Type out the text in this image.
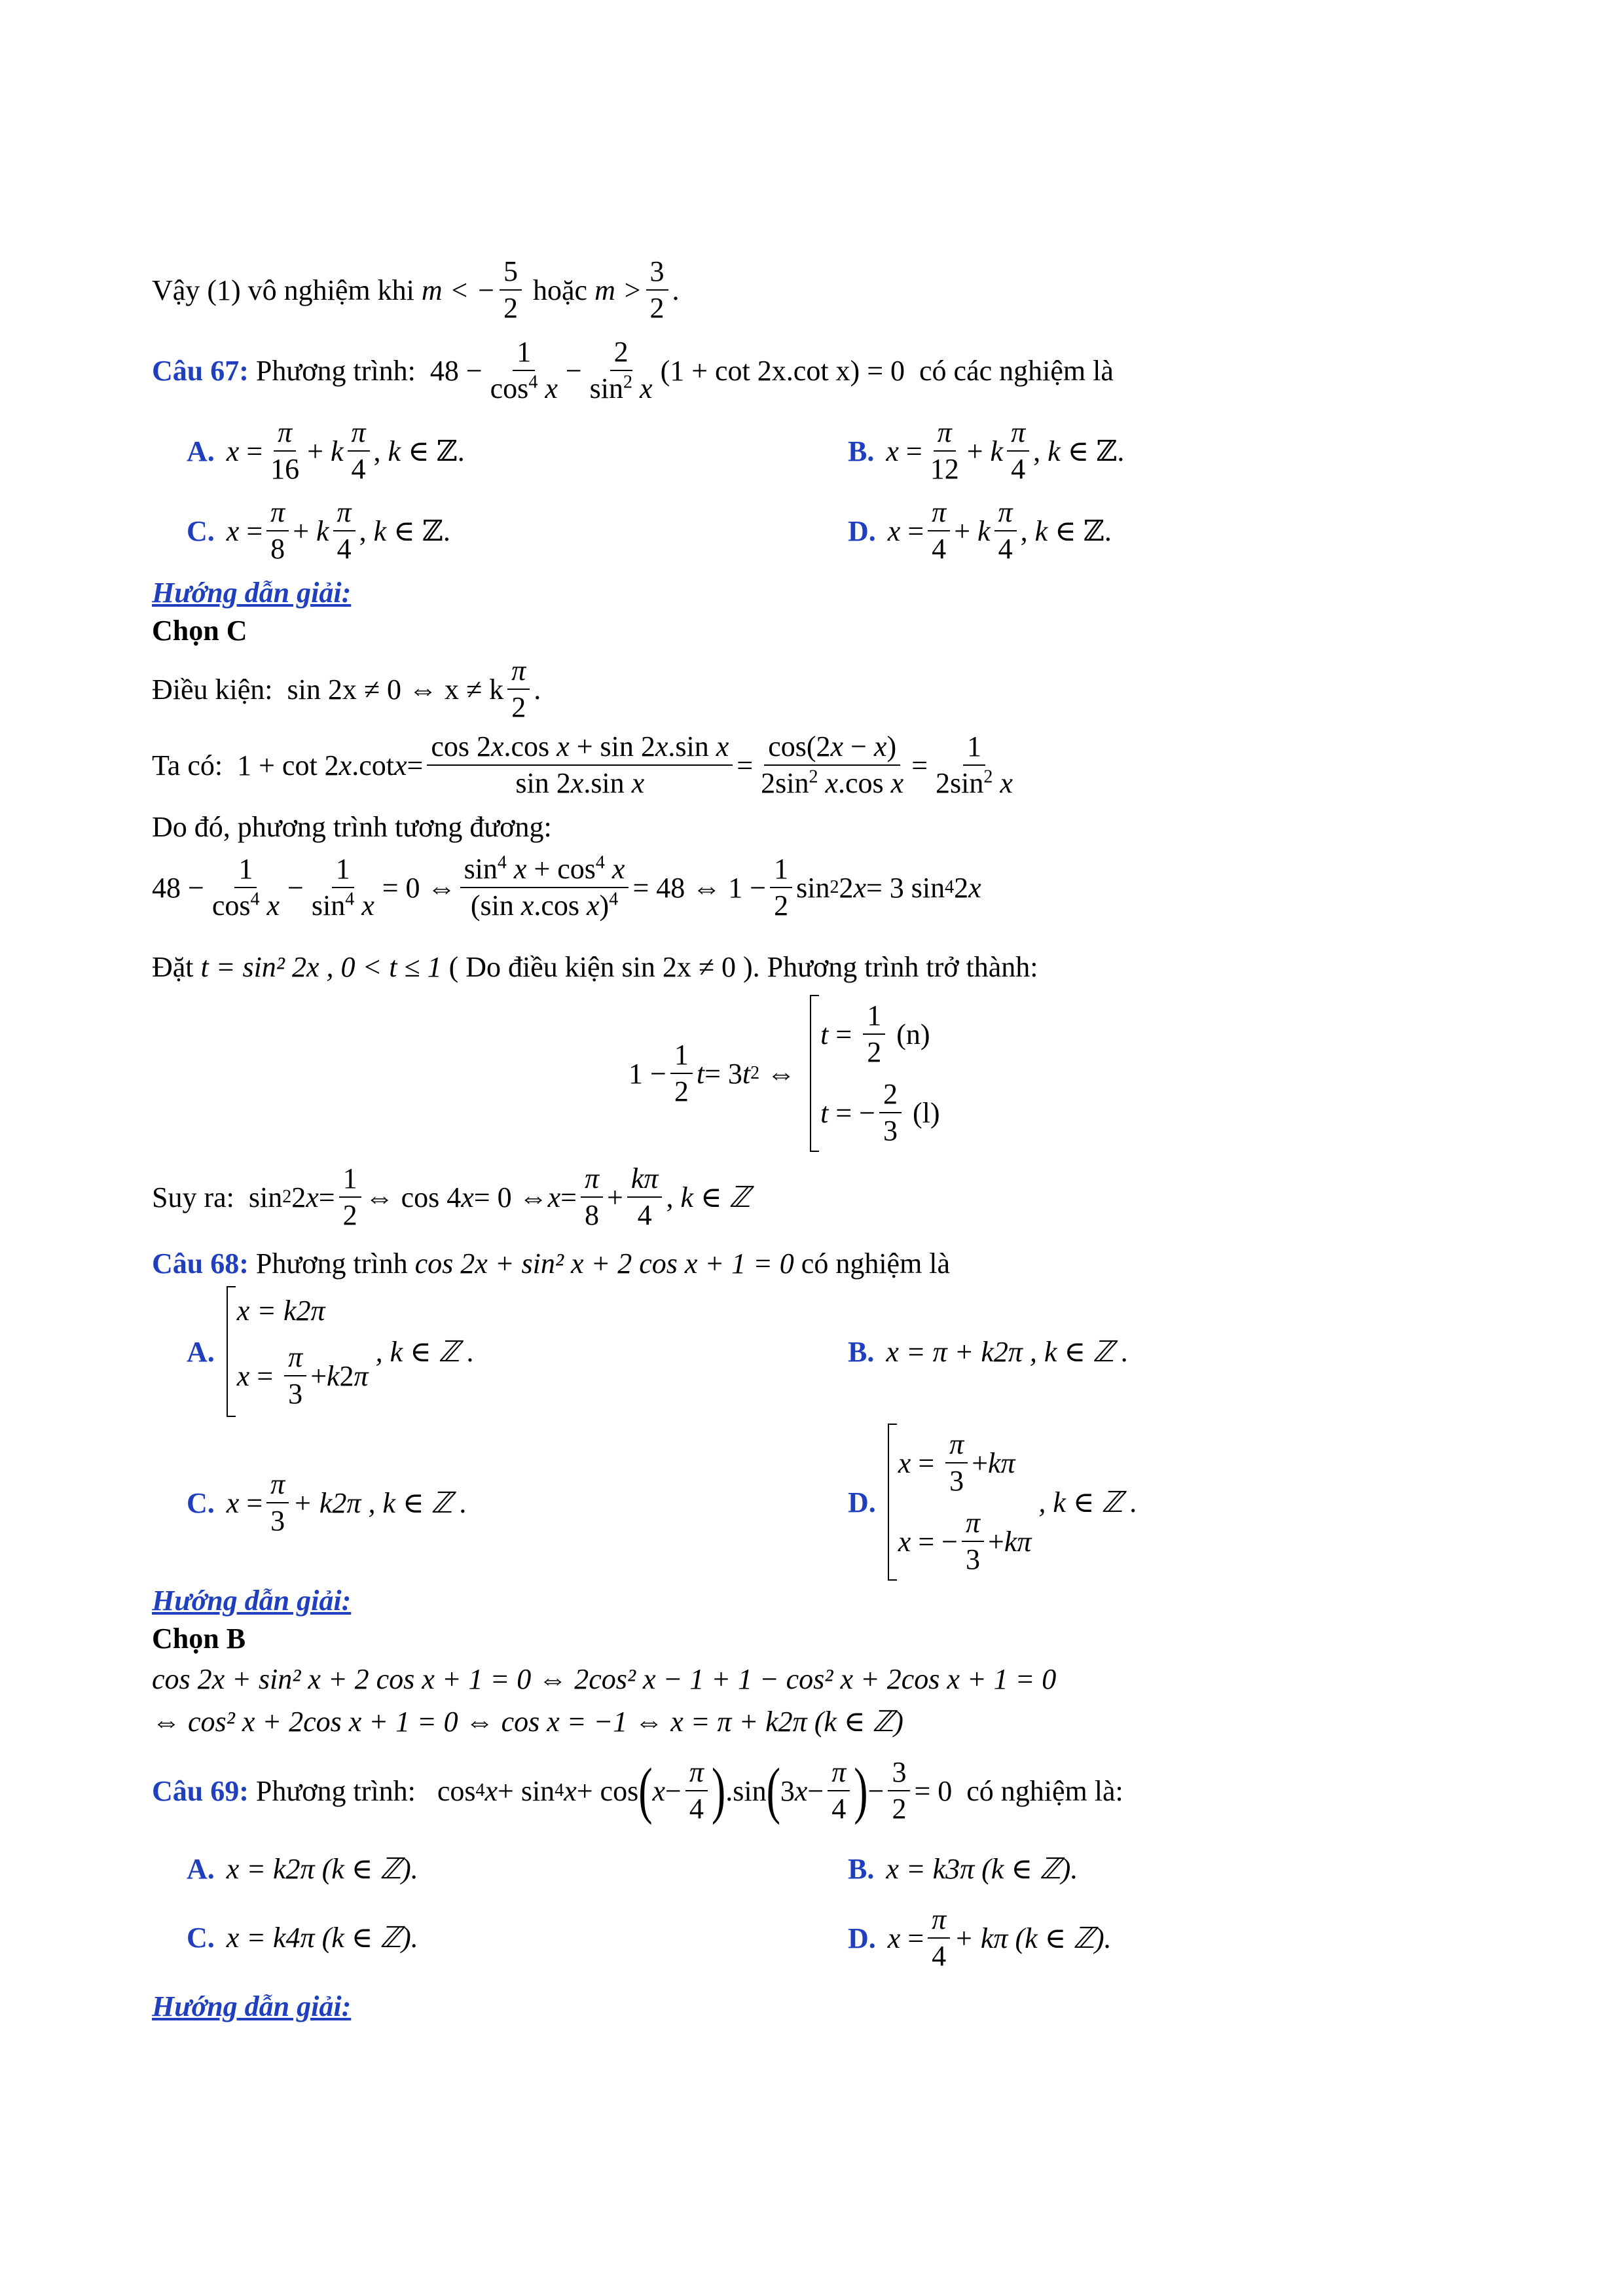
Vậy
(1)
vô nghiệm khi
m < − $\frac{5}{2}$
hoặc
$m > \frac{3}{2}$ .
Câu 67:
Phương trình:
$48 - \frac{1}{\cos^4 x} - \frac{2}{\sin^2 x} (1 + \cot 2x.\cot$ x) = 0
có các nghiệm là
A. $x = \frac{\pi}{16} + k \frac{\pi}{4}$ , k ∈ ℤ .	B. $x = \frac{\pi}{12} + k \frac{\pi}{4}$ , k ∈ ℤ .
C. $x = \frac{\pi}{8} + k \frac{\pi}{4}$ , k ∈ ℤ .	D. $x = \frac{\pi}{4} + k \frac{\pi}{4}$ , k ∈ ℤ .
Hướng dẫn giải:
Chọn C
Điều kiện:
sin 2x ≠ 0 ⇔ x ≠ k $\frac{\pi}{2}$ .
Ta có: 1 + cot 2 x .cot $x = \frac{\text{cos 2x.cos x + sin 2x.sin x}}{\text{sin 2x.sin x}} = \frac{\cos(2x - x)}{2\sin^2 x.\cos x} = \frac{1}{2\sin^2 x}$
Do đó, phương trình tương đương:
$48 - \frac{1}{\cos^4 x} - \frac{1}{\sin^4 x} = 0$ ⇔ $\frac{\sin^4 x + \cos^4 x}{(\sin x.\cos x)^4} = 48$ ⇔ $1 - \frac{1}{2}$ sin 2 2 x = 3 sin 4 2 x
Đặt
t = sin² 2x , 0 < t ≤ 1
( Do điều kiện
sin 2x ≠ 0 ). Phương trình trở thành:
$1 - \frac{1}{2}$ t = 3 t 2 ⇔
$t = \frac{1}{2}$
(n)
t = − $\frac{2}{3}$
(l)
Suy ra: sin 2 2 $x = \frac{1}{2}$ ⇔ cos 4 x = 0 ⇔ $x = \frac{\pi}{8} + \frac{k\pi}{4}$ , k ∈ ℤ
Câu 68:
Phương trình
cos 2x + sin² x + 2 cos x + 1 = 0
có nghiệm là
A.
x = k2π
$x = \frac{\pi}{3} + k$ 2 π

, k ∈ ℤ .	B. x = π + k2π , k ∈ ℤ .
C. $x = \frac{\pi}{3} + k2\pi$ , k ∈ ℤ .	D.
$x = \frac{\pi}{3} + k\pi$
x = − $\frac{\pi}{3} + k\pi$

, k ∈ ℤ .
Hướng dẫn giải:
Chọn B
cos 2x + sin² x + 2 cos x + 1 = 0 ⇔ 2cos² x − 1 + 1 − cos² x + 2cos x + 1 = 0
⇔ cos² x + 2cos x + 1 = 0 ⇔ cos x = −1 ⇔ x = π + k2π (k ∈ ℤ)
Câu 69:
Phương trình: cos 4 x + sin 4 x + cos ( $x - \frac{\pi}{4}$ ) .sin ( 3 $x - \frac{\pi}{4}$ ) − $\frac{3}{2} = 0$ có nghiệm là:
A. x = k2π (k ∈ ℤ).	B. x = k3π (k ∈ ℤ).
C. x = k4π (k ∈ ℤ).	D. $x = \frac{\pi}{4} + k\pi$ (k ∈ ℤ).
Hướng dẫn giải:
